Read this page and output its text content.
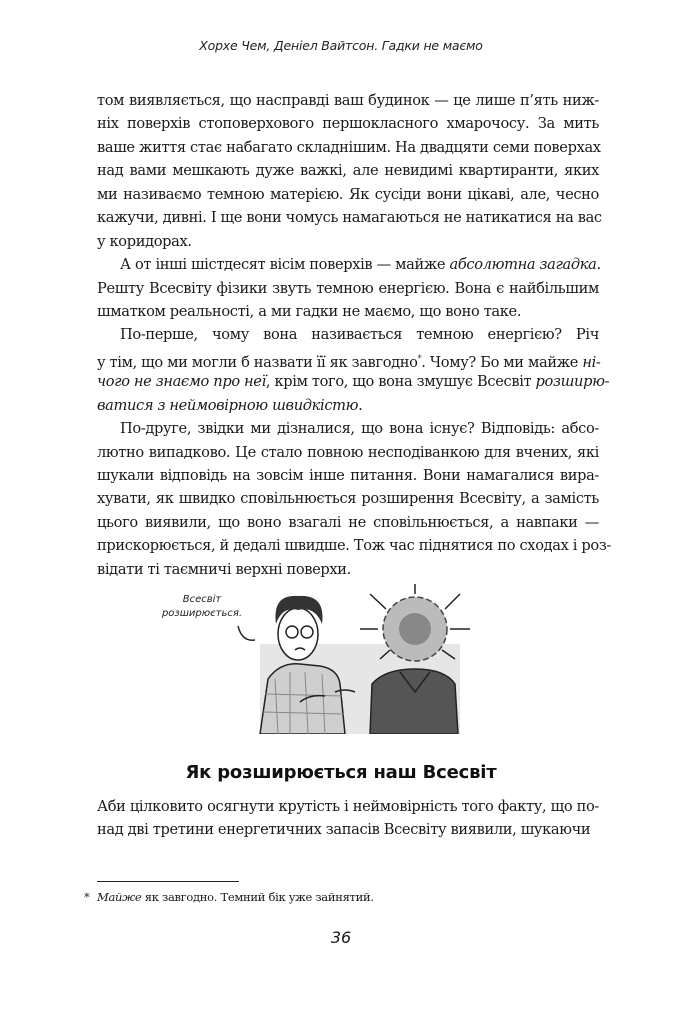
Хорхе Чем, Деніел Вайтсон. Гадки не маємо
том виявляється, що насправді ваш будинок — це лише п’ять ниж-
ніх поверхів стоповерхового першокласного хмарочосу. За мить
ваше життя стає набагато складнішим. На двадцяти семи поверхах
над вами мешкають дуже важкі, але невидимі квартиранти, яких
ми називаємо темною матерією. Як сусіди вони цікаві, але, чесно
кажучи, дивні. І ще вони чомусь намагаються не натикатися на вас
у коридорах.
А от інші шістдесят вісім поверхів — майже абсолютна загадка.
Решту Всесвіту фізики звуть темною енергією. Вона є найбільшим
шматком реальності, а ми гадки не маємо, що воно таке.
По-перше, чому вона називається темною енергією? Річ
у тім, що ми могли б назвати її як завгодно*. Чому? Бо ми майже ні-
чого не знаємо про неї, крім того, що вона змушує Всесвіт розширю-
ватися з неймовірною швидкістю.
По-друге, звідки ми дізналися, що вона існує? Відповідь: абсо-
лютно випадково. Це стало повною несподіванкою для вчених, які
шукали відповідь на зовсім інше питання. Вони намагалися вира-
хувати, як швидко сповільнюється розширення Всесвіту, а замість
цього виявили, що воно взагалі не сповільнюється, а навпаки —
прискорюється, й дедалі швидше. Тож час піднятися по сходах і роз-
відати ті таємничі верхні поверхи.
Всесвіт
розширюється.
Як розширюється наш Всесвіт
Аби цілковито осягнути крутість і неймовірність того факту, що по-
над дві третини енергетичних запасів Всесвіту виявили, шукаючи
* Майже як завгодно. Темний бік уже зайнятий.
36
